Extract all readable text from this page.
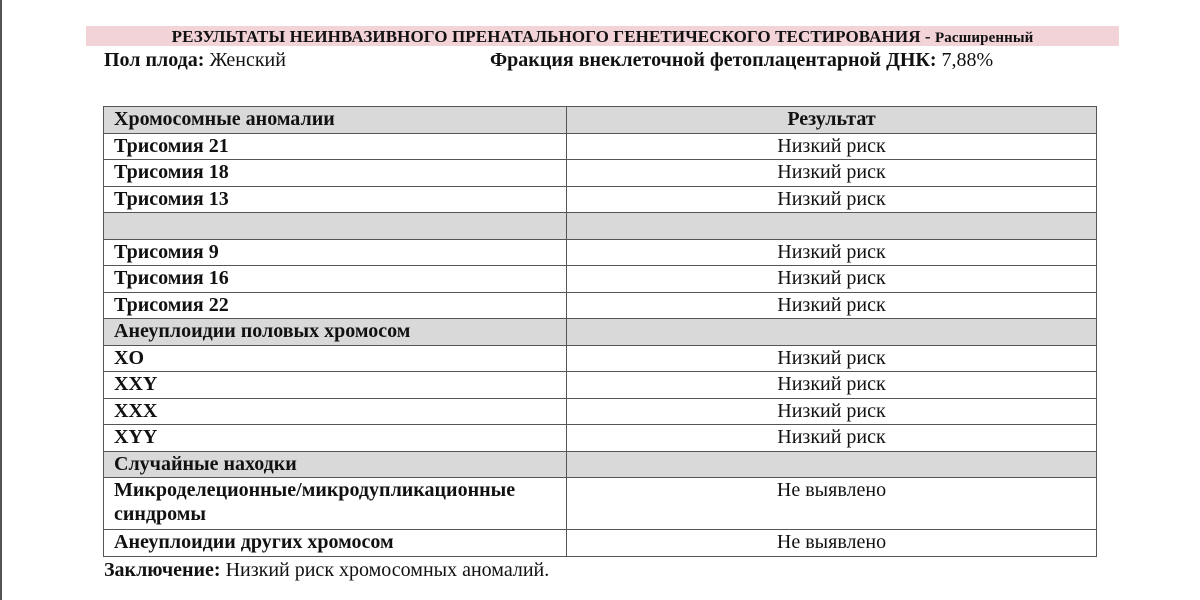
РЕЗУЛЬТАТЫ НЕИНВАЗИВНОГО ПРЕНАТАЛЬНОГО ГЕНЕТИЧЕСКОГО ТЕСТИРОВАНИЯ - Расширенный
Пол плода: Женский	Фракция внеклеточной фетоплацентарной ДНК: 7,88%
Хромосомные аномалии	Результат
Трисомия 21	Низкий риск
Трисомия 18	Низкий риск
Трисомия 13	Низкий риск

Трисомия 9	Низкий риск
Трисомия 16	Низкий риск
Трисомия 22	Низкий риск
Анеуплоидии половых хромосом	
XO	Низкий риск
XXY	Низкий риск
XXX	Низкий риск
XYY	Низкий риск
Случайные находки	
Микроделеционные/микродупликационные синдромы	Не выявлено
Анеуплоидии других хромосом	Не выявлено
Заключение: Низкий риск хромосомных аномалий.
